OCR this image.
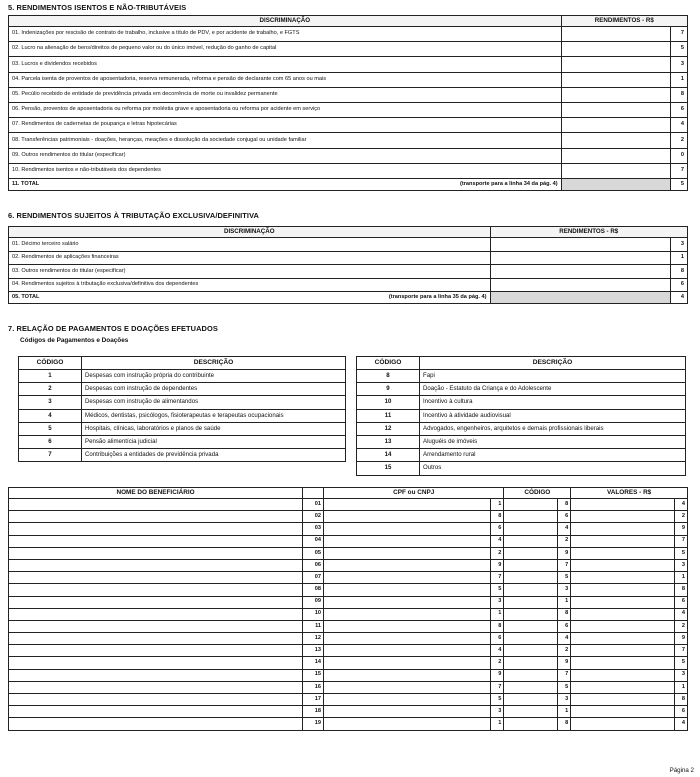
5. RENDIMENTOS ISENTOS E NÃO-TRIBUTÁVEIS
DISCRIMINAÇÃO	RENDIMENTOS - R$	
01. Indenizações por rescisão de contrato de trabalho, inclusive a título de PDV, e por acidente de trabalho, e FGTS		7
02. Lucro na alienação de bens/direitos de pequeno valor ou do único imóvel, redução do ganho de capital		5
03. Lucros e dividendos recebidos		3
04. Parcela isenta de proventos de aposentadoria, reserva remunerada, reforma e pensão de declarante com 65 anos ou mais		1
05. Pecúlio recebido de entidade de previdência privada em decorrência de morte ou invalidez permanente		8
06. Pensão, proventos de aposentadoria ou reforma por moléstia grave e aposentadoria ou reforma por acidente em serviço		6
07. Rendimentos de cadernetas de poupança e letras hipotecárias		4
08. Transferências patrimoniais - doações, heranças, meações e dissolução da sociedade conjugal ou unidade familiar		2
09. Outros rendimentos do titular (especificar)		0
10. Rendimentos isentos e não-tributáveis dos dependentes		7
11. TOTAL (transporte para a linha 34 da pág. 4)		5
6. RENDIMENTOS SUJEITOS À TRIBUTAÇÃO EXCLUSIVA/DEFINITIVA
DISCRIMINAÇÃO	RENDIMENTOS - R$	
01. Décimo terceiro salário		3
02. Rendimentos de aplicações financeiras		1
03. Outros rendimentos do titular (especificar)		8
04. Rendimentos sujeitos à tributação exclusiva/definitiva dos dependentes		6
05. TOTAL (transporte para a linha 35 da pág. 4)		4
7. RELAÇÃO DE PAGAMENTOS E DOAÇÕES EFETUADOS
Códigos de Pagamentos e Doações
CÓDIGO	DESCRIÇÃO
1	Despesas com instrução própria do contribuinte
2	Despesas com instrução de dependentes
3	Despesas com instrução de alimentandos
4	Médicos, dentistas, psicólogos, fisioterapeutas e terapeutas ocupacionais
5	Hospitais, clínicas, laboratórios e planos de saúde
6	Pensão alimentícia judicial
7	Contribuições a entidades de previdência privada
CÓDIGO	DESCRIÇÃO
8	Fapi
9	Doação - Estatuto da Criança e do Adolescente
10	Incentivo à cultura
11	Incentivo à atividade audiovisual
12	Advogados, engenheiros, arquitetos e demais profissionais liberais
13	Aluguéis de imóveis
14	Arrendamento rural
15	Outros
NOME DO BENEFICIÁRIO		CPF ou CNPJ		CÓDIGO		VALORES - R$	
	01		1		8		4
	02		8		6		2
	03		6		4		9
	04		4		2		7
	05		2		9		5
	06		9		7		3
	07		7		5		1
	08		5		3		8
	09		3		1		6
	10		1		8		4
	11		8		6		2
	12		6		4		9
	13		4		2		7
	14		2		9		5
	15		9		7		3
	16		7		5		1
	17		5		3		8
	18		3		1		6
	19		1		8		4
Página 2
